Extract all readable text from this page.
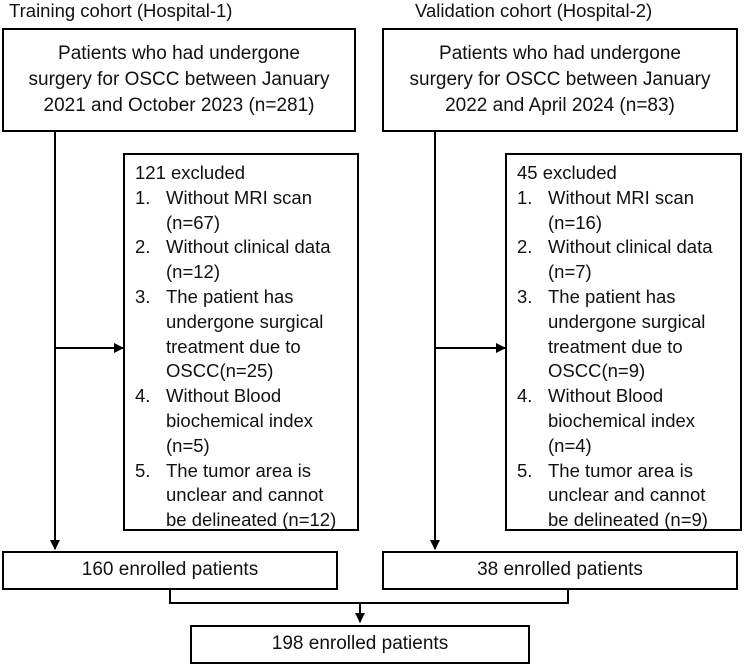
Training cohort (Hospital-1)	Validation cohort (Hospital-2)
Patients who had undergone
surgery for OSCC between January
2021 and October 2023 (n=281)
Patients who had undergone
surgery for OSCC between January
2022 and April 2024 (n=83)
121 excluded
1. Without MRI scan
(n=67)
2. Without clinical data
(n=12)
3. The patient has
undergone surgical
treatment due to
OSCC(n=25)
4. Without Blood
biochemical index
(n=5)
5. The tumor area is
unclear and cannot
be delineated (n=12)
45 excluded
1. Without MRI scan
(n=16)
2. Without clinical data
(n=7)
3. The patient has
undergone surgical
treatment due to
OSCC(n=9)
4. Without Blood
biochemical index
(n=4)
5. The tumor area is
unclear and cannot
be delineated (n=9)
160 enrolled patients	38 enrolled patients
198 enrolled patients
